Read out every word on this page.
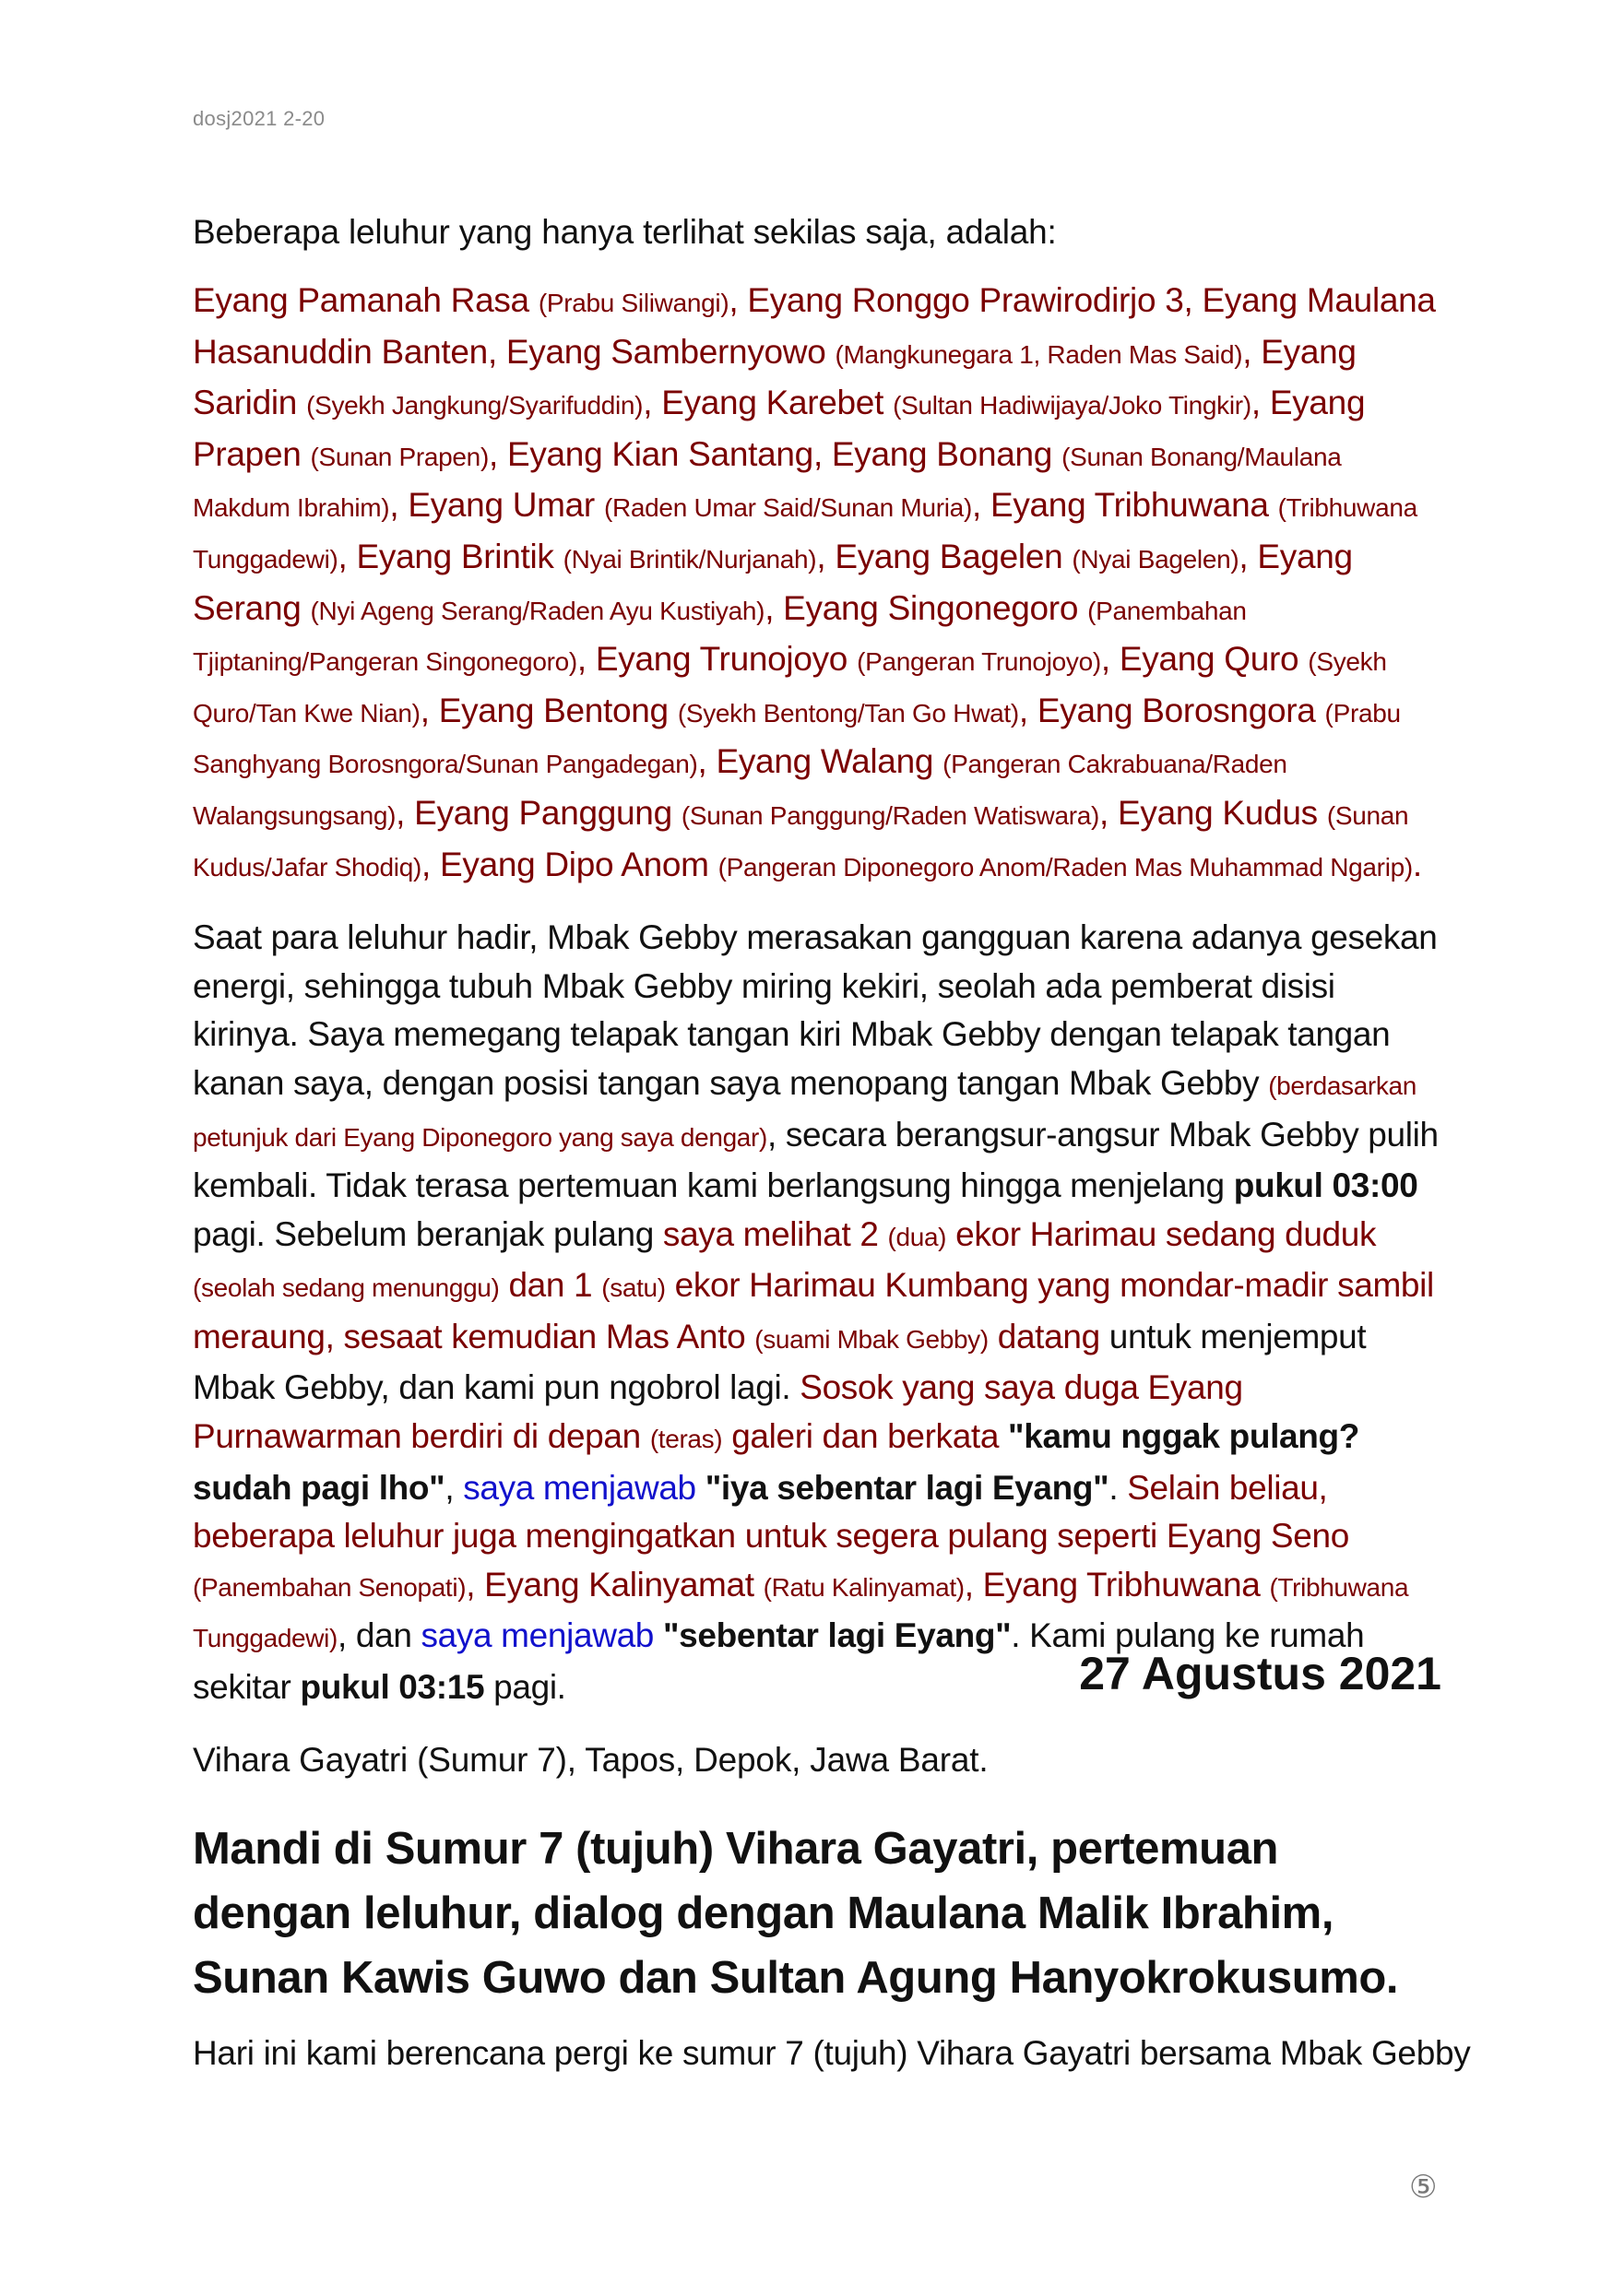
dosj2021 2-20

Beberapa leluhur yang hanya terlihat sekilas saja, adalah:

Eyang Pamanah Rasa (Prabu Siliwangi), Eyang Ronggo Prawirodirjo 3, Eyang Maulana Hasanuddin Banten, Eyang Sambernyowo (Mangkunegara 1, Raden Mas Said), Eyang Saridin (Syekh Jangkung/Syarifuddin), Eyang Karebet (Sultan Hadiwijaya/Joko Tingkir), Eyang Prapen (Sunan Prapen), Eyang Kian Santang, Eyang Bonang (Sunan Bonang/Maulana Makdum Ibrahim), Eyang Umar (Raden Umar Said/Sunan Muria), Eyang Tribhuwana (Tribhuwana Tunggadewi), Eyang Brintik (Nyai Brintik/Nurjanah), Eyang Bagelen (Nyai Bagelen), Eyang Serang (Nyi Ageng Serang/Raden Ayu Kustiyah), Eyang Singonegoro (Panembahan Tjiptaning/Pangeran Singonegoro), Eyang Trunojoyo (Pangeran Trunojoyo), Eyang Quro (Syekh Quro/Tan Kwe Nian), Eyang Bentong (Syekh Bentong/Tan Go Hwat), Eyang Borosngora (Prabu Sanghyang Borosngora/Sunan Pangadegan), Eyang Walang (Pangeran Cakrabuana/Raden Walangsungsang), Eyang Panggung (Sunan Panggung/Raden Watiswara), Eyang Kudus (Sunan Kudus/Jafar Shodiq), Eyang Dipo Anom (Pangeran Diponegoro Anom/Raden Mas Muhammad Ngarip).

Saat para leluhur hadir, Mbak Gebby merasakan gangguan karena adanya gesekan energi, sehingga tubuh Mbak Gebby miring kekiri, seolah ada pemberat disisi kirinya. Saya memegang telapak tangan kiri Mbak Gebby dengan telapak tangan kanan saya, dengan posisi tangan saya menopang tangan Mbak Gebby (berdasarkan petunjuk dari Eyang Diponegoro yang saya dengar), secara berangsur-angsur Mbak Gebby pulih kembali. Tidak terasa pertemuan kami berlangsung hingga menjelang pukul 03:00 pagi. Sebelum beranjak pulang saya melihat 2 (dua) ekor Harimau sedang duduk (seolah sedang menunggu) dan 1 (satu) ekor Harimau Kumbang yang mondar-madir sambil meraung, sesaat kemudian Mas Anto (suami Mbak Gebby) datang untuk menjemput Mbak Gebby, dan kami pun ngobrol lagi. Sosok yang saya duga Eyang Purnawarman berdiri di depan (teras) galeri dan berkata "kamu nggak pulang? sudah pagi lho", saya menjawab "iya sebentar lagi Eyang". Selain beliau, beberapa leluhur juga mengingatkan untuk segera pulang seperti Eyang Seno (Panembahan Senopati), Eyang Kalinyamat (Ratu Kalinyamat), Eyang Tribhuwana (Tribhuwana Tunggadewi), dan saya menjawab "sebentar lagi Eyang". Kami pulang ke rumah sekitar pukul 03:15 pagi.	27 Agustus 2021

Vihara Gayatri (Sumur 7), Tapos, Depok, Jawa Barat.

Mandi di Sumur 7 (tujuh) Vihara Gayatri, pertemuan dengan leluhur, dialog dengan Maulana Malik Ibrahim, Sunan Kawis Guwo dan Sultan Agung Hanyokrokusumo.

Hari ini kami berencana pergi ke sumur 7 (tujuh) Vihara Gayatri bersama Mbak Gebby

⑤
